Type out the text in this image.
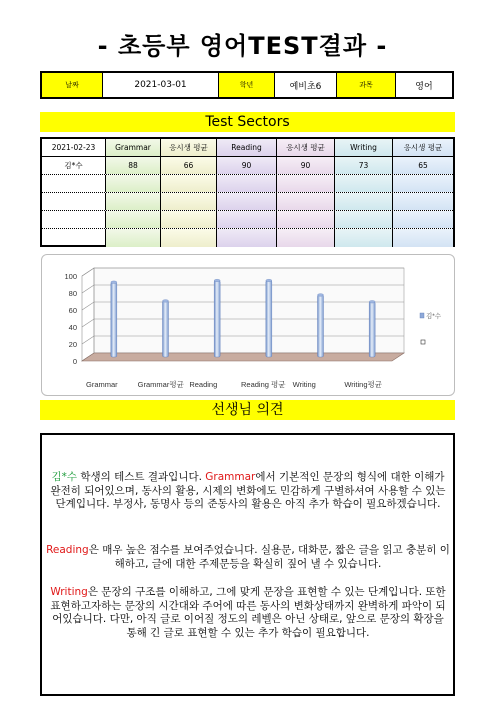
- 초등부 영어TEST결과 -
날짜	2021-03-01	학년	예비초6	과목	영어
Test Sectors
2021-02-23	Grammar	응시생 평균	Reading	응시생 평균	Writing	응시생 평균
김*수	88	66	90	90	73	65
0
20
40
60
80
100
Grammar	Grammar평균 Reading	Reading 평균 Writing	Writing평균
김*수
선생님 의견
김*수 학생의 테스트 결과입니다. Grammar에서 기본적인 문장의 형식에 대한 이해가 완전히 되어있으며, 동사의 활용, 시제의 변화에도 민감하게 구별하셔여 사용할 수 있는 단계입니다. 부정사, 동명사 등의 준동사의 활용은 아직 추가 학습이 필요하겠습니다.
Reading은 매우 높은 점수를 보여주었습니다. 실용문, 대화문, 짧은 글을 읽고 충분히 이해하고, 글에 대한 주제문등을 확실히 짚어 낼 수 있습니다.
Writing은 문장의 구조를 이해하고, 그에 맞게 문장을 표현할 수 있는 단계입니다. 또한 표현하고자하는 문장의 시간대와 주어에 따른 동사의 변화상태까지 완벽하게 파악이 되어있습니다. 다만, 아직 글로 이어질 정도의 레벨은 아닌 상태로, 앞으로 문장의 확장을 통해 긴 글로 표현할 수 있는 추가 학습이 필요합니다.
